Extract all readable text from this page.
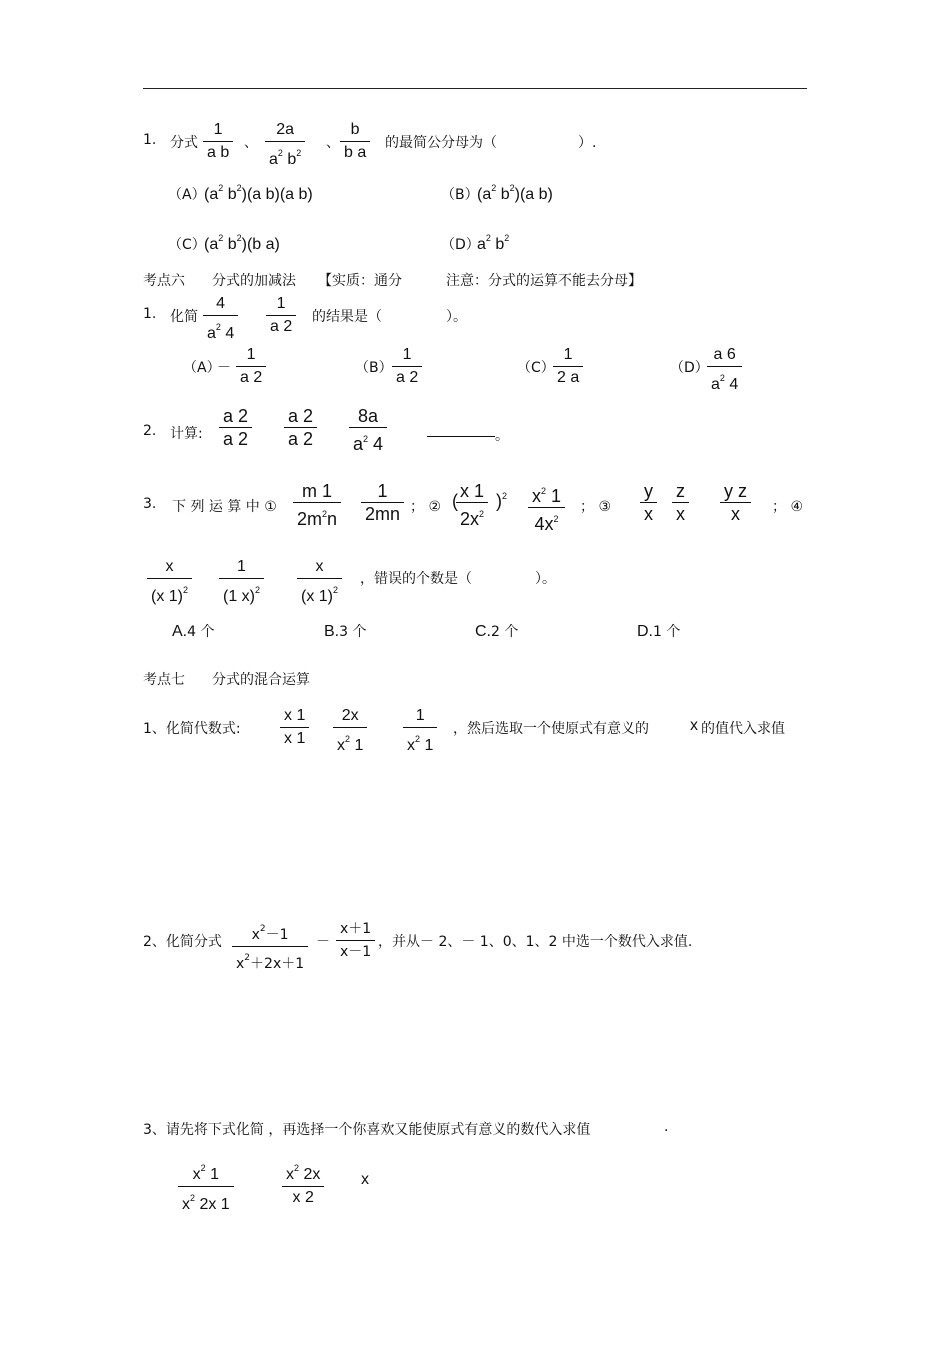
1. 分式
1
a b
、
2a
$a^2$ $b^2$
、
b
b a
的最简公分母为（	）.
（A）
($a^2$ $b^2)(a$ b)(a b)	（B）
($a^2$ $b^2)(a$ b)
（C）
($a^2$ $b^2)(b$ a)	（D）
$a^2$ $b^2$
考点六 分式的加减法 【实质：通分	注意：分式的运算不能去分母】
1. 化简
4
$a^2$ 4
1
a 2
的结果是（	）。
（A）
－
1
a 2
（B）
1
a 2
（C）
1
2 a
（D）
a 6
$a^2$ 4
2. 计算:
a 2
a 2
a 2
a 2
8a
$a^2$ 4	。
3. 下 列 运 算 中 ①
m 1
$2m^2n$
1
2mn ； ② ( x 1
$2x^2$
)$^2$ $x^2$ 1
$4x^2$
； ③
y
x
z
x
y z
x ； ④
x
(x 1)$^2$
1
(1 x)$^2$
x
(x 1)$^2$
，错误的个数是（	）。
A.4 个	B.3 个	C.2 个	D.1 个
考点七 分式的混合运算
1、化简代数式:
x 1
x 1
2x
$x^2$ 1
1
$x^2$ 1
，然后选取一个使原式有意义的	x 的值代入求值
2、化简分式 $x^2-1$
$x^2+2x+1$
－
x＋1
x－1
，并从－ 2、－ 1、0、1、2 中选一个数代入求值.
3、请先将下式化简 ，再选择一个你喜欢又能使原式有意义的数代入求值	.
$x^2$ 1
$x^2$ 2x 1
$x^2$ 2x
x 2
x
